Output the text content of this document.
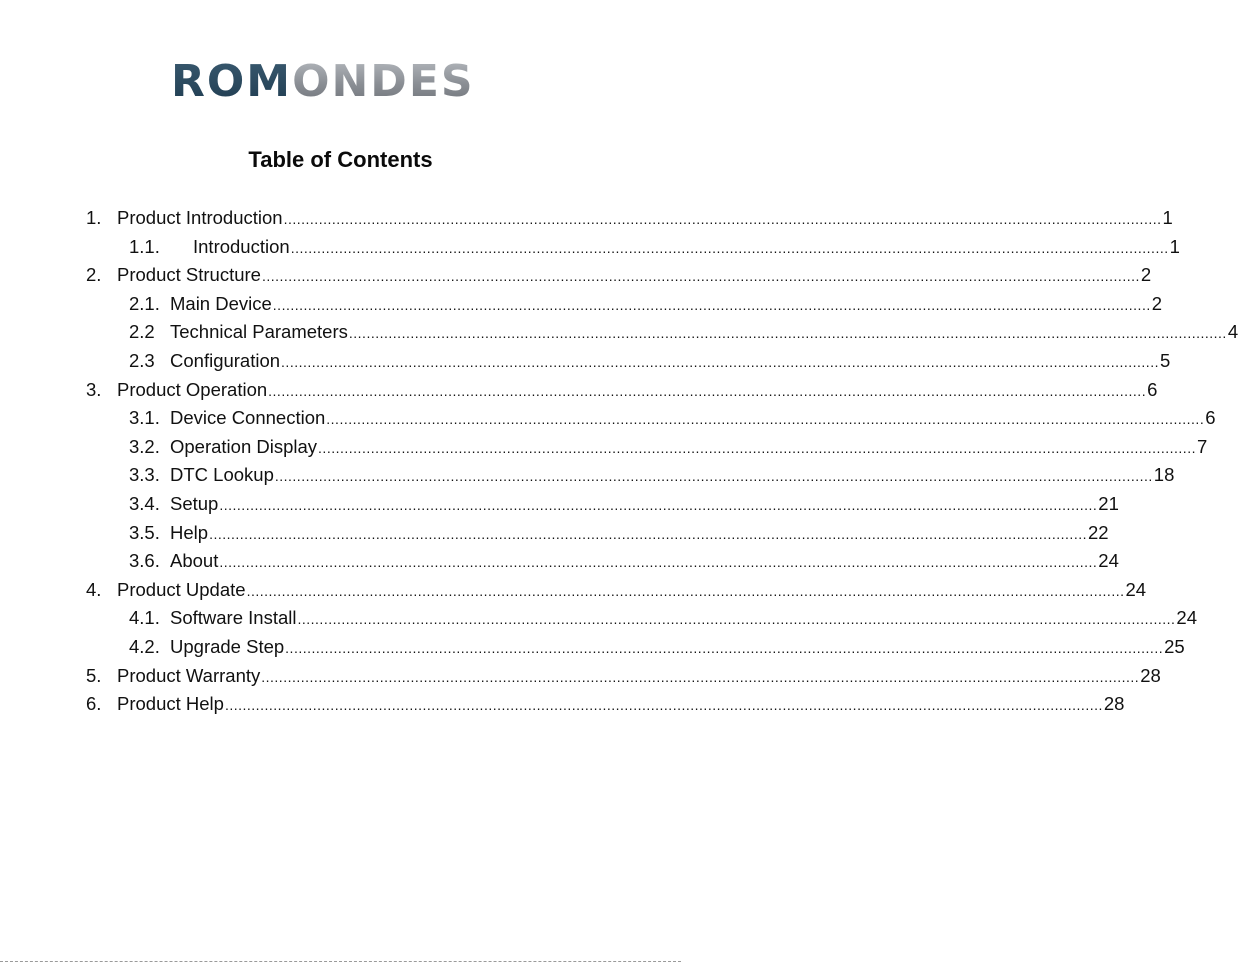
ROMONDES
Table of Contents
1. Product Introduction ........................................................................................................................................................................................................ 1
1.1.	Introduction ........................................................................................................................................................................................................ 1
2. Product Structure ........................................................................................................................................................................................................ 2
2.1. Main Device ........................................................................................................................................................................................................ 2
2.2 Technical Parameters ........................................................................................................................................................................................................ 4
2.3 Configuration ........................................................................................................................................................................................................ 5
3. Product Operation ........................................................................................................................................................................................................ 6
3.1. Device Connection ........................................................................................................................................................................................................ 6
3.2. Operation Display ........................................................................................................................................................................................................ 7
3.3. DTC Lookup ........................................................................................................................................................................................................ 18
3.4. Setup ........................................................................................................................................................................................................ 21
3.5. Help ........................................................................................................................................................................................................ 22
3.6. About ........................................................................................................................................................................................................ 24
4. Product Update ........................................................................................................................................................................................................ 24
4.1. Software Install ........................................................................................................................................................................................................ 24
4.2. Upgrade Step ........................................................................................................................................................................................................ 25
5. Product Warranty ........................................................................................................................................................................................................ 28
6. Product Help ........................................................................................................................................................................................................ 28
